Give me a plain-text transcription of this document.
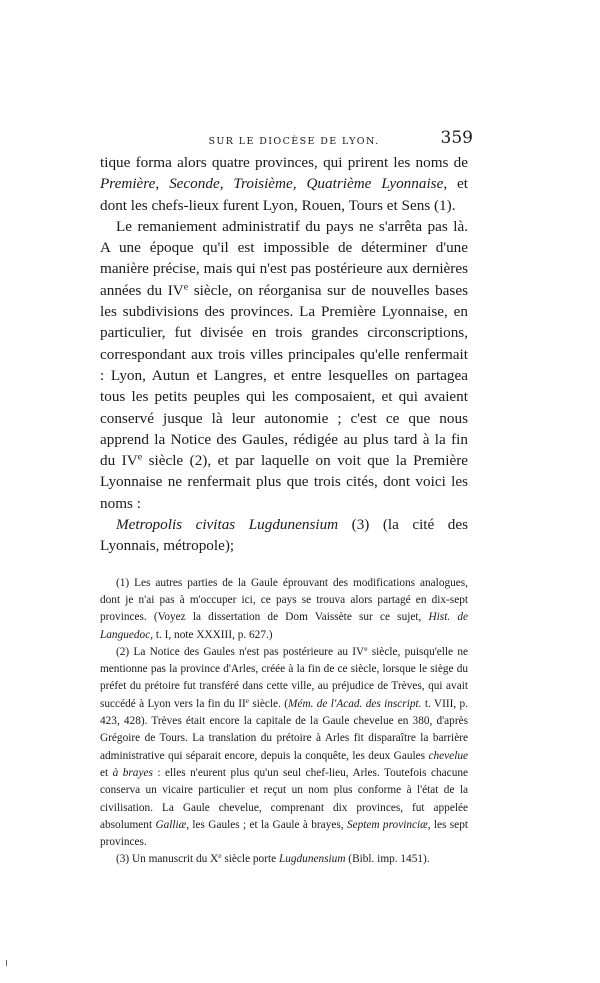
SUR LE DIOCÈSE DE LYON.	359

tique forma alors quatre provinces, qui prirent les noms de Première, Seconde, Troisième, Quatrième Lyonnaise, et dont les chefs-lieux furent Lyon, Rouen, Tours et Sens (1).

Le remaniement administratif du pays ne s'arrêta pas là. A une époque qu'il est impossible de déterminer d'une manière précise, mais qui n'est pas postérieure aux dernières années du IVe siècle, on réorganisa sur de nouvelles bases les subdivisions des provinces. La Première Lyonnaise, en particulier, fut divisée en trois grandes circonscriptions, correspondant aux trois villes principales qu'elle renfermait : Lyon, Autun et Langres, et entre lesquelles on partagea tous les petits peuples qui les composaient, et qui avaient conservé jusque là leur autonomie ; c'est ce que nous apprend la Notice des Gaules, rédigée au plus tard à la fin du IVe siècle (2), et par laquelle on voit que la Première Lyonnaise ne renfermait plus que trois cités, dont voici les noms :

Metropolis civitas Lugdunensium (3) (la cité des Lyonnais, métropole);

(1) Les autres parties de la Gaule éprouvant des modifications analogues, dont je n'ai pas à m'occuper ici, ce pays se trouva alors partagé en dix-sept provinces. (Voyez la dissertation de Dom Vaissète sur ce sujet, Hist. de Languedoc, t. I, note XXXIII, p. 627.)

(2) La Notice des Gaules n'est pas postérieure au IVe siècle, puisqu'elle ne mentionne pas la province d'Arles, créée à la fin de ce siècle, lorsque le siège du préfet du prétoire fut transféré dans cette ville, au préjudice de Trèves, qui avait succédé à Lyon vers la fin du IIe siècle. (Mém. de l'Acad. des inscript. t. VIII, p. 423, 428). Trèves était encore la capitale de la Gaule chevelue en 380, d'après Grégoire de Tours. La translation du prétoire à Arles fit disparaître la barrière administrative qui séparait encore, depuis la conquête, les deux Gaules chevelue et à brayes : elles n'eurent plus qu'un seul chef-lieu, Arles. Toutefois chacune conserva un vicaire particulier et reçut un nom plus conforme à l'état de la civilisation. La Gaule chevelue, comprenant dix provinces, fut appelée absolument Galliæ, les Gaules ; et la Gaule à brayes, Septem provinciæ, les sept provinces.

(3) Un manuscrit du Xe siècle porte Lugdunensium (Bibl. imp. 1451).
